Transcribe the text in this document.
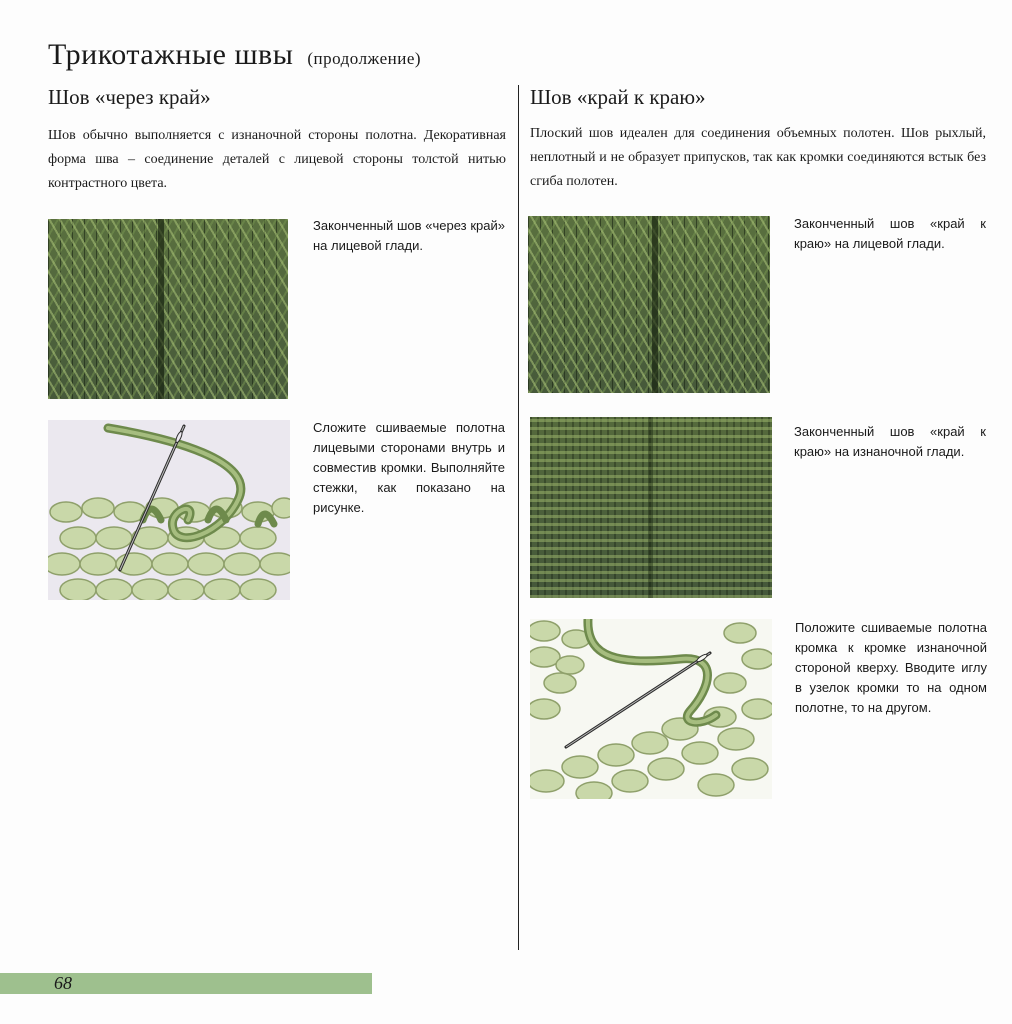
Трикотажные швы (продолжение)
Шов «через край»	Шов «край к краю»
Шов обычно выполняется с изнаночной стороны полотна. Декоративная форма шва – соединение деталей с лицевой стороны толстой нитью контрастного цвета.
Плоский шов идеален для соединения объемных полотен. Шов рыхлый, неплотный и не образует припусков, так как кромки соединяются встык без сгиба полотен.
Законченный шов «через край» на лицевой глади.
Сложите сшиваемые полотна лицевыми сторонами внутрь и совместив кромки. Выполняйте стежки, как показано на рисунке.
Законченный шов «край к краю» на лицевой глади.
Законченный шов «край к краю» на изнаночной глади.
Положите сшиваемые полотна кромка к кромке изнаночной стороной кверху. Вводите иглу в узелок кромки то на одном полотне, то на другом.
68
